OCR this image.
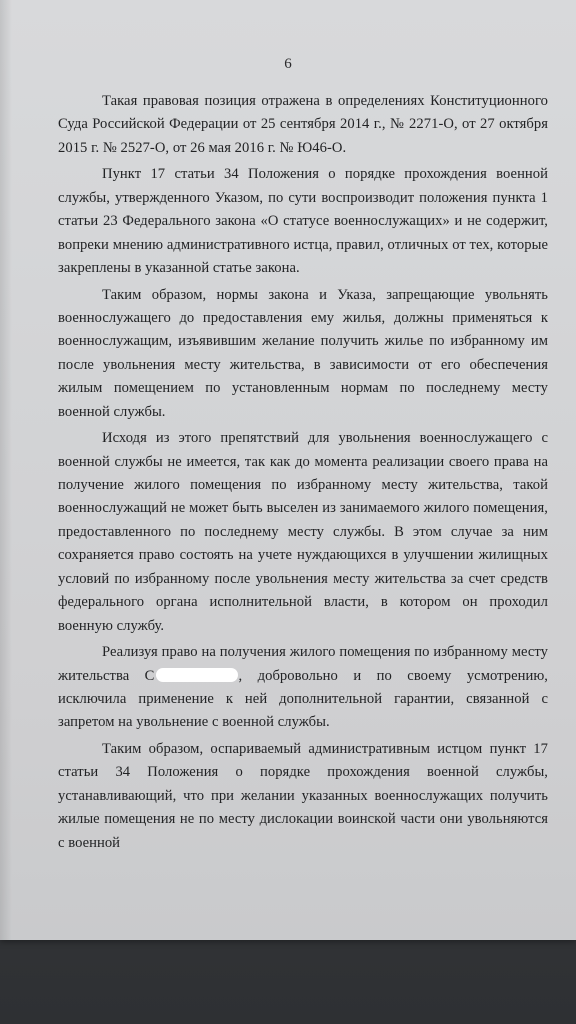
6

Такая правовая позиция отражена в определениях Конституционного Суда Российской Федерации от 25 сентября 2014 г., № 2271-О, от 27 октября 2015 г. № 2527-О, от 26 мая 2016 г. № Ю46-О.

Пункт 17 статьи 34 Положения о порядке прохождения военной службы, утвержденного Указом, по сути воспроизводит положения пункта 1 статьи 23 Федерального закона «О статусе военнослужащих» и не содержит, вопреки мнению административного истца, правил, отличных от тех, которые закреплены в указанной статье закона.

Таким образом, нормы закона и Указа, запрещающие увольнять военнослужащего до предоставления ему жилья, должны применяться к военнослужащим, изъявившим желание получить жилье по избранному им после увольнения месту жительства, в зависимости от его обеспечения жилым помещением по установленным нормам по последнему месту военной службы.

Исходя из этого препятствий для увольнения военнослужащего с военной службы не имеется, так как до момента реализации своего права на получение жилого помещения по избранному месту жительства, такой военнослужащий не может быть выселен из занимаемого жилого помещения, предоставленного по последнему месту службы. В этом случае за ним сохраняется право состоять на учете нуждающихся в улучшении жилищных условий по избранному после увольнения месту жительства за счет средств федерального органа исполнительной власти, в котором он проходил военную службу.

Реализуя право на получения жилого помещения по избранному месту жительства С	, добровольно и по своему усмотрению, исключила применение к ней дополнительной гарантии, связанной с запретом на увольнение с военной службы.

Таким образом, оспариваемый административным истцом пункт 17 статьи 34 Положения о порядке прохождения военной службы, устанавливающий, что при желании указанных военнослужащих получить жилые помещения не по месту дислокации воинской части они увольняются с военной
